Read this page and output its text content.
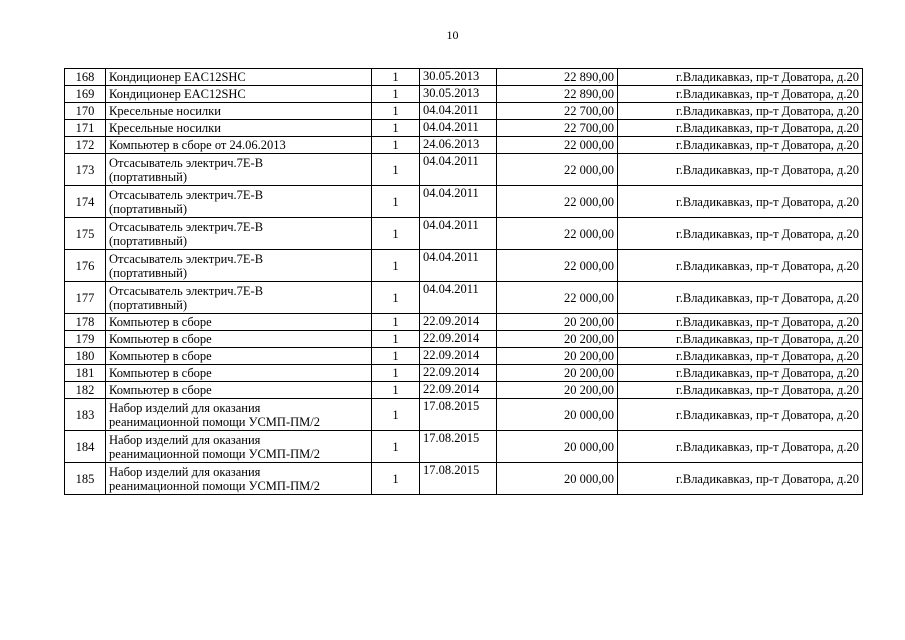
10
168	Кондиционер EAC12SHC	1	30.05.2013	22 890,00	г.Владикавказ, пр-т Доватора, д.20
169	Кондиционер EAC12SHC	1	30.05.2013	22 890,00	г.Владикавказ, пр-т Доватора, д.20
170	Кресельные носилки	1	04.04.2011	22 700,00	г.Владикавказ, пр-т Доватора, д.20
171	Кресельные носилки	1	04.04.2011	22 700,00	г.Владикавказ, пр-т Доватора, д.20
172	Компьютер в сборе от 24.06.2013	1	24.06.2013	22 000,00	г.Владикавказ, пр-т Доватора, д.20
173	Отсасыватель электрич.7Е-В
(портативный)	1	04.04.2011	22 000,00	г.Владикавказ, пр-т Доватора, д.20
174	Отсасыватель электрич.7Е-В
(портативный)	1	04.04.2011	22 000,00	г.Владикавказ, пр-т Доватора, д.20
175	Отсасыватель электрич.7Е-В
(портативный)	1	04.04.2011	22 000,00	г.Владикавказ, пр-т Доватора, д.20
176	Отсасыватель электрич.7Е-В
(портативный)	1	04.04.2011	22 000,00	г.Владикавказ, пр-т Доватора, д.20
177	Отсасыватель электрич.7Е-В
(портативный)	1	04.04.2011	22 000,00	г.Владикавказ, пр-т Доватора, д.20
178	Компьютер в сборе	1	22.09.2014	20 200,00	г.Владикавказ, пр-т Доватора, д.20
179	Компьютер в сборе	1	22.09.2014	20 200,00	г.Владикавказ, пр-т Доватора, д.20
180	Компьютер в сборе	1	22.09.2014	20 200,00	г.Владикавказ, пр-т Доватора, д.20
181	Компьютер в сборе	1	22.09.2014	20 200,00	г.Владикавказ, пр-т Доватора, д.20
182	Компьютер в сборе	1	22.09.2014	20 200,00	г.Владикавказ, пр-т Доватора, д.20
183	Набор изделий для оказания
реанимационной помощи УСМП-ПМ/2	1	17.08.2015	20 000,00	г.Владикавказ, пр-т Доватора, д.20
184	Набор изделий для оказания
реанимационной помощи УСМП-ПМ/2	1	17.08.2015	20 000,00	г.Владикавказ, пр-т Доватора, д.20
185	Набор изделий для оказания
реанимационной помощи УСМП-ПМ/2	1	17.08.2015	20 000,00	г.Владикавказ, пр-т Доватора, д.20
